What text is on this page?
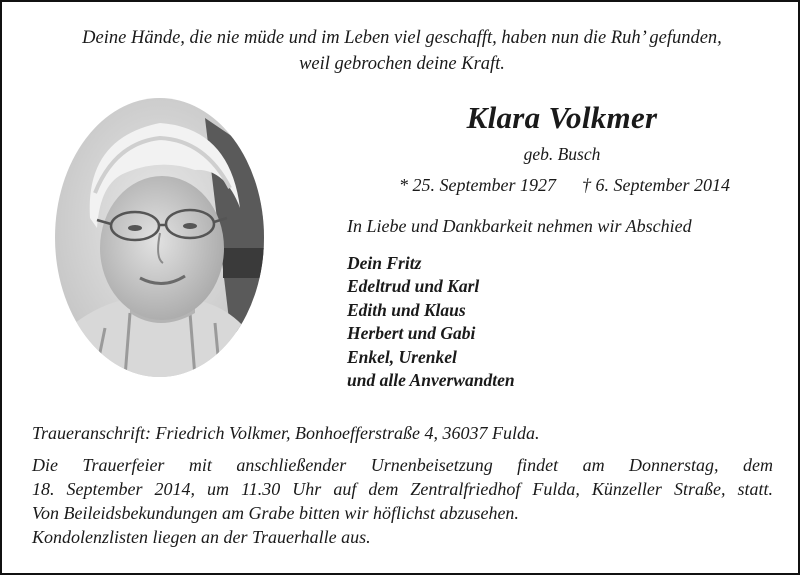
Deine Hände, die nie müde und im Leben viel geschafft, haben nun die Ruh’ gefunden,
weil gebrochen deine Kraft.
Klara Volkmer
geb. Busch
* 25. September 1927 † 6. September 2014
In Liebe und Dankbarkeit nehmen wir Abschied
Dein Fritz
Edeltrud und Karl
Edith und Klaus
Herbert und Gabi
Enkel, Urenkel
und alle Anverwandten
Traueranschrift: Friedrich Volkmer, Bonhoefferstraße 4, 36037 Fulda.
Die Trauerfeier mit anschließender Urnenbeisetzung findet am Donnerstag, dem
18. September 2014, um 11.30 Uhr auf dem Zentralfriedhof Fulda, Künzeller Straße, statt.
Von Beileidsbekundungen am Grabe bitten wir höflichst abzusehen.
Kondolenzlisten liegen an der Trauerhalle aus.
